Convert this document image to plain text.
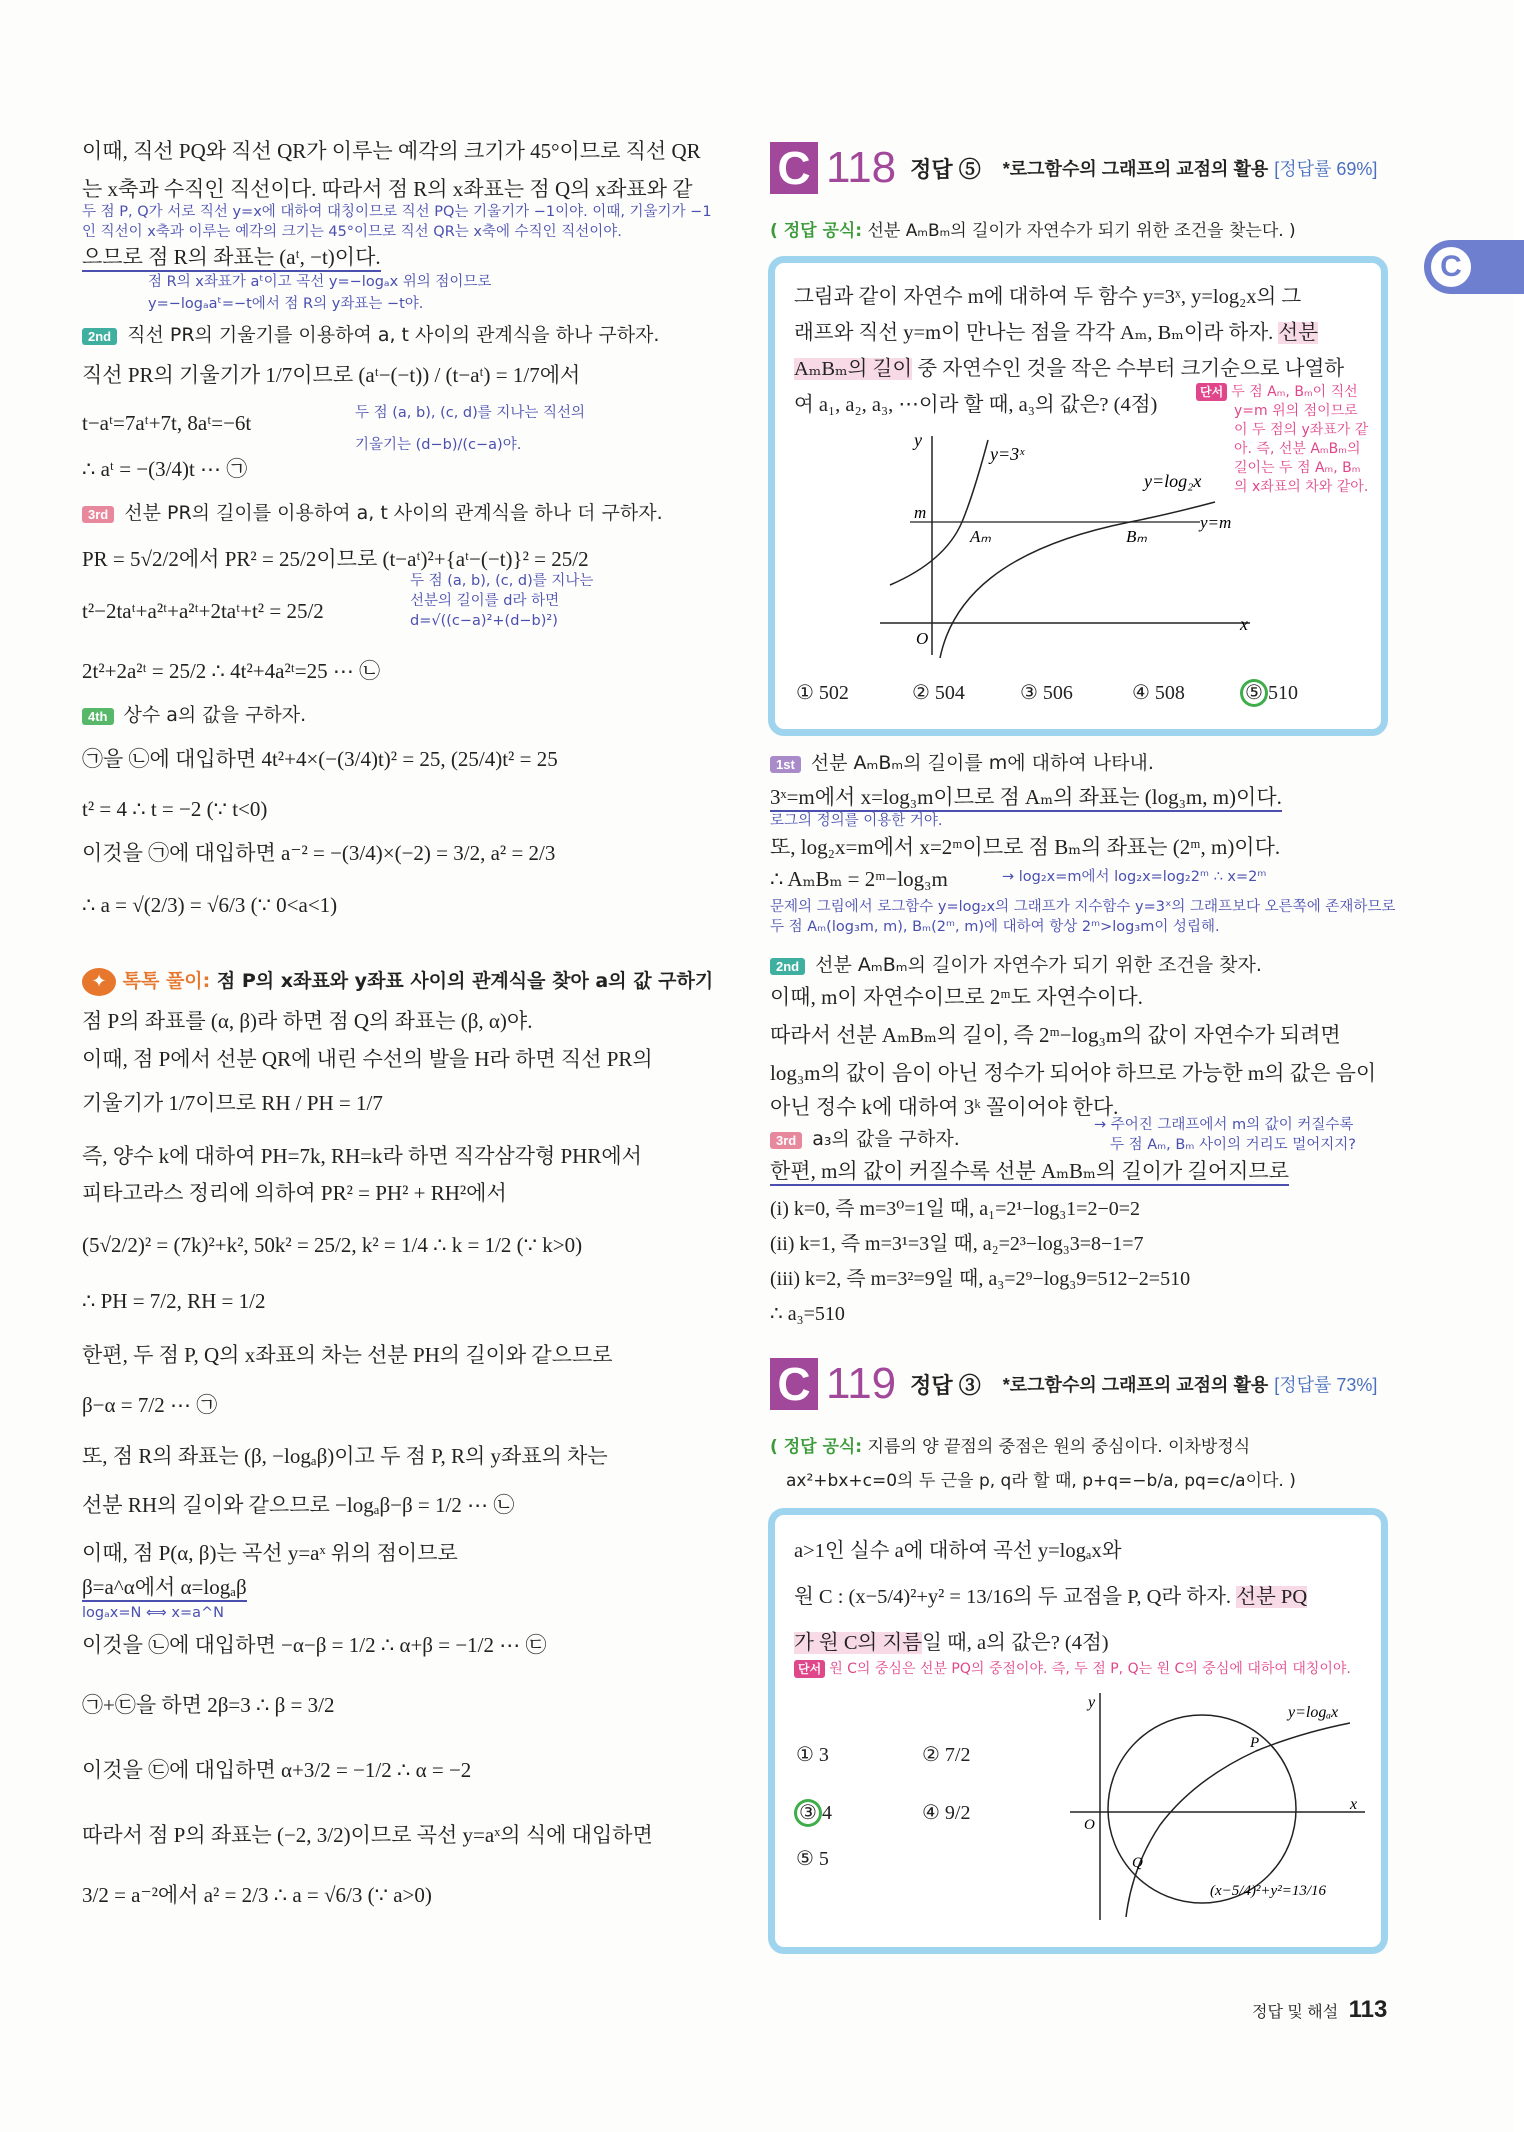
이때, 직선 PQ와 직선 QR가 이루는 예각의 크기가 45°이므로 직선 QR
는 x축과 수직인 직선이다. 따라서 점 R의 x좌표는 점 Q의 x좌표와 같
두 점 P, Q가 서로 직선 y=x에 대하여 대칭이므로 직선 PQ는 기울기가 −1이야. 이때, 기울기가 −1
인 직선이 x축과 이루는 예각의 크기는 45°이므로 직선 QR는 x축에 수직인 직선이야.
으므로 점 R의 좌표는 (aᵗ, −t)이다.
점 R의 x좌표가 aᵗ이고 곡선 y=−logₐx 위의 점이므로
y=−logₐaᵗ=−t에서 점 R의 y좌표는 −t야.
2nd 직선 PR의 기울기를 이용하여 a, t 사이의 관계식을 하나 구하자.
직선 PR의 기울기가 1/7이므로 (aᵗ−(−t)) / (t−aᵗ) = 1/7에서
t−aᵗ=7aᵗ+7t, 8aᵗ=−6t	두 점 (a, b), (c, d)를 지나는 직선의
기울기는 (d−b)/(c−a)야.
∴ aᵗ = −(3/4)t ⋯ ㉠
3rd 선분 PR의 길이를 이용하여 a, t 사이의 관계식을 하나 더 구하자.
PR = 5√2/2에서 PR² = 25/2이므로 (t−aᵗ)²+{aᵗ−(−t)}² = 25/2
두 점 (a, b), (c, d)를 지나는
선분의 길이를 d라 하면
d=√((c−a)²+(d−b)²)
t²−2taᵗ+a²ᵗ+a²ᵗ+2taᵗ+t² = 25/2
2t²+2a²ᵗ = 25/2 ∴ 4t²+4a²ᵗ=25 ⋯ ㉡
4th 상수 a의 값을 구하자.
㉠을 ㉡에 대입하면 4t²+4×(−(3/4)t)² = 25, (25/4)t² = 25
t² = 4 ∴ t = −2 (∵ t<0)
이것을 ㉠에 대입하면 a⁻² = −(3/4)×(−2) = 3/2, a² = 2/3
∴ a = √(2/3) = √6/3 (∵ 0<a<1)
✦ 톡톡 풀이: 점 P의 x좌표와 y좌표 사이의 관계식을 찾아 a의 값 구하기
점 P의 좌표를 (α, β)라 하면 점 Q의 좌표는 (β, α)야.
이때, 점 P에서 선분 QR에 내린 수선의 발을 H라 하면 직선 PR의
기울기가 1/7이므로 RH / PH = 1/7
즉, 양수 k에 대하여 PH=7k, RH=k라 하면 직각삼각형 PHR에서
피타고라스 정리에 의하여 PR² = PH² + RH²에서
(5√2/2)² = (7k)²+k², 50k² = 25/2, k² = 1/4 ∴ k = 1/2 (∵ k>0)
∴ PH = 7/2, RH = 1/2
한편, 두 점 P, Q의 x좌표의 차는 선분 PH의 길이와 같으므로
β−α = 7/2 ⋯ ㉠
또, 점 R의 좌표는 (β, −logₐβ)이고 두 점 P, R의 y좌표의 차는
선분 RH의 길이와 같으므로 −logₐβ−β = 1/2 ⋯ ㉡
이때, 점 P(α, β)는 곡선 y=aˣ 위의 점이므로
β=a^α에서 α=logₐβ
logₐx=N ⟺ x=a^N
이것을 ㉡에 대입하면 −α−β = 1/2 ∴ α+β = −1/2 ⋯ ㉢
㉠+㉢을 하면 2β=3 ∴ β = 3/2
이것을 ㉢에 대입하면 α+3/2 = −1/2 ∴ α = −2
따라서 점 P의 좌표는 (−2, 3/2)이므로 곡선 y=aˣ의 식에 대입하면
3/2 = a⁻²에서 a² = 2/3 ∴ a = √6/3 (∵ a>0)
C
C 118 정답 ⑤ *로그함수의 그래프의 교점의 활용 [정답률 69%]
( 정답 공식: 선분 AₘBₘ의 길이가 자연수가 되기 위한 조건을 찾는다. )
그림과 같이 자연수 m에 대하여 두 함수 y=3ˣ, y=log₂x의 그
래프와 직선 y=m이 만나는 점을 각각 Aₘ, Bₘ이라 하자. 선분
AₘBₘ의 길이 중 자연수인 것을 작은 수부터 크기순으로 나열하
여 a₁, a₂, a₃, ⋯이라 할 때, a₃의 값은? (4점)
단서 두 점 Aₘ, Bₘ이 직선
y=m 위의 점이므로
이 두 점의 y좌표가 같
아. 즉, 선분 AₘBₘ의
길이는 두 점 Aₘ, Bₘ
의 x좌표의 차와 같아.
y
x
O
m
y=3ˣ
y=log₂x
y=m
Aₘ	Bₘ
① 502	② 504	③ 506	④ 508	⑤ 510
1st 선분 AₘBₘ의 길이를 m에 대하여 나타내.
3ˣ=m에서 x=log₃m이므로 점 Aₘ의 좌표는 (log₃m, m)이다.
로그의 정의를 이용한 거야.
또, log₂x=m에서 x=2ᵐ이므로 점 Bₘ의 좌표는 (2ᵐ, m)이다.
∴ AₘBₘ = 2ᵐ−log₃m	→ log₂x=m에서 log₂x=log₂2ᵐ ∴ x=2ᵐ
문제의 그림에서 로그함수 y=log₂x의 그래프가 지수함수 y=3ˣ의 그래프보다 오른쪽에 존재하므로
두 점 Aₘ(log₃m, m), Bₘ(2ᵐ, m)에 대하여 항상 2ᵐ>log₃m이 성립해.
2nd 선분 AₘBₘ의 길이가 자연수가 되기 위한 조건을 찾자.
이때, m이 자연수이므로 2ᵐ도 자연수이다.
따라서 선분 AₘBₘ의 길이, 즉 2ᵐ−log₃m의 값이 자연수가 되려면
log₃m의 값이 음이 아닌 정수가 되어야 하므로 가능한 m의 값은 음이
아닌 정수 k에 대하여 3ᵏ 꼴이어야 한다.
3rd a₃의 값을 구하자.
→ 주어진 그래프에서 m의 값이 커질수록
두 점 Aₘ, Bₘ 사이의 거리도 멀어지지?
한편, m의 값이 커질수록 선분 AₘBₘ의 길이가 길어지므로
(i) k=0, 즉 m=3⁰=1일 때, a₁=2¹−log₃1=2−0=2
(ii) k=1, 즉 m=3¹=3일 때, a₂=2³−log₃3=8−1=7
(iii) k=2, 즉 m=3²=9일 때, a₃=2⁹−log₃9=512−2=510
∴ a₃=510
C 119 정답 ③ *로그함수의 그래프의 교점의 활용 [정답률 73%]
( 정답 공식: 지름의 양 끝점의 중점은 원의 중심이다. 이차방정식
ax²+bx+c=0의 두 근을 p, q라 할 때, p+q=−b/a, pq=c/a이다. )
a>1인 실수 a에 대하여 곡선 y=logₐx와
원 C : (x−5/4)²+y² = 13/16의 두 교점을 P, Q라 하자. 선분 PQ
가 원 C의 지름일 때, a의 값은? (4점)
단서 원 C의 중심은 선분 PQ의 중점이야. 즉, 두 점 P, Q는 원 C의 중심에 대하여 대칭이야.
① 3	② 7/2
③ 4	④ 9/2
⑤ 5
y
x
O
P
Q
y=logₐx
(x−5/4)²+y²=13/16
정답 및 해설 113
